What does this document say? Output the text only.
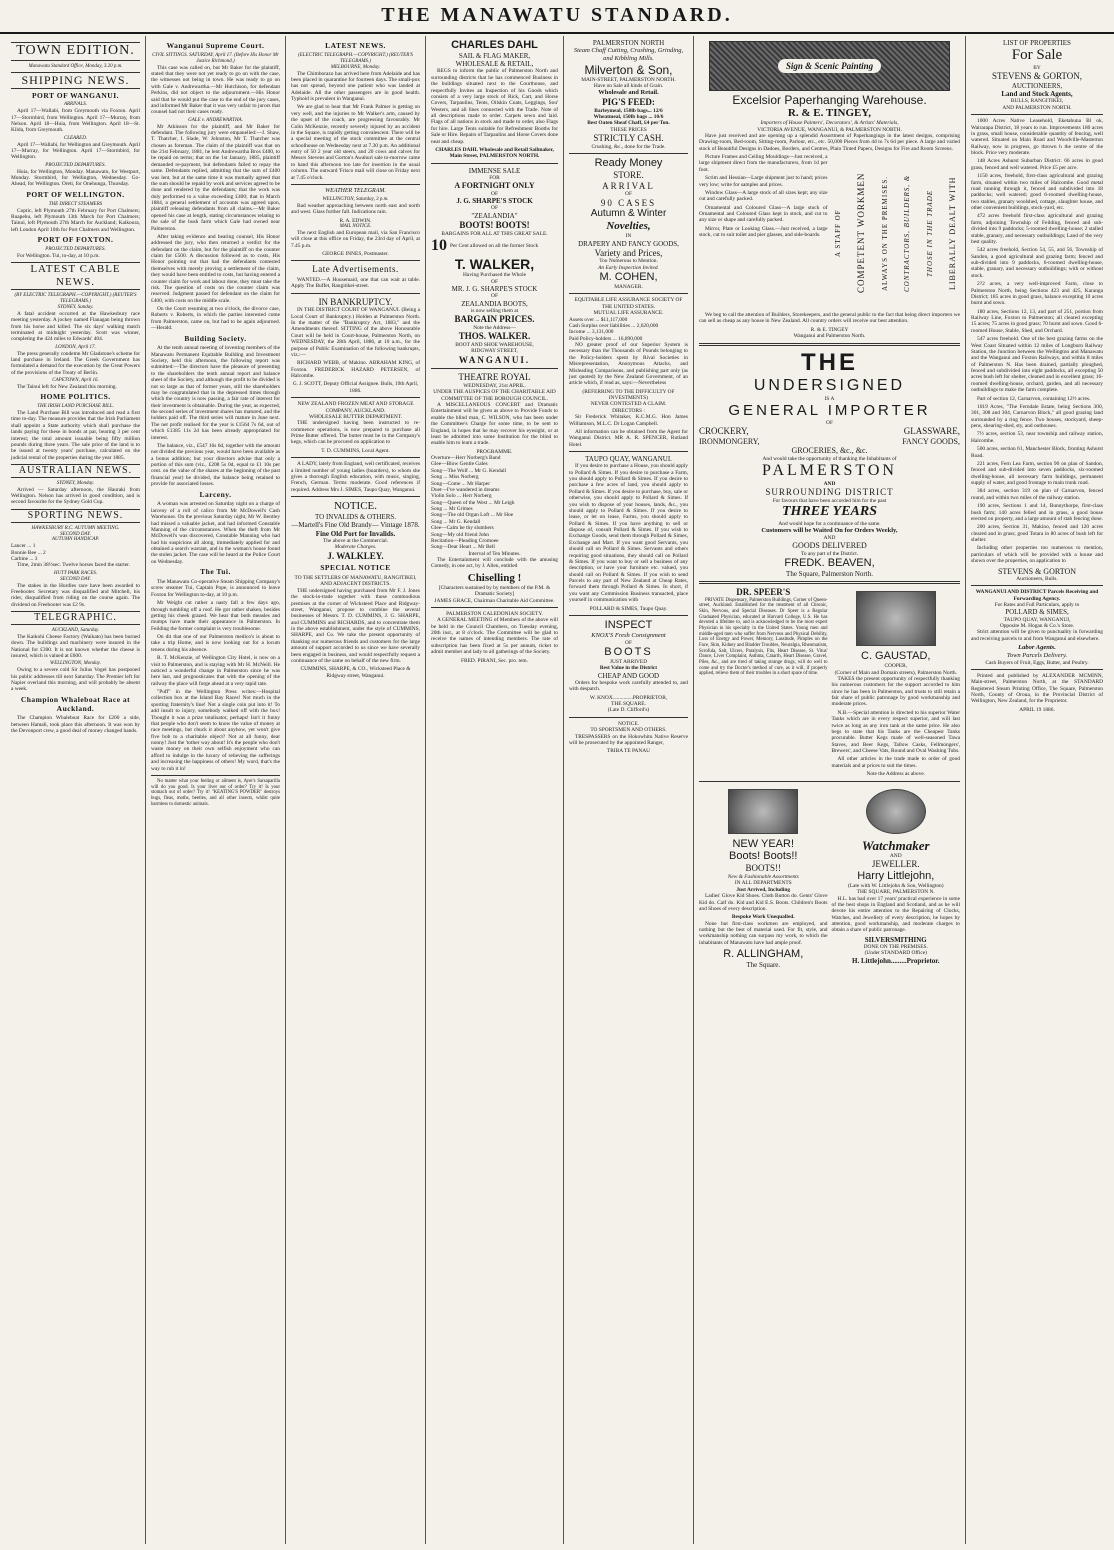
THE MANAWATU STANDARD.
TOWN EDITION.
Manawatu Standard Office, Monday, 3.20 p.m.
SHIPPING NEWS.
PORT OF WANGANUI.
ARRIVALS.

April 17—Wallabi, from Greymouth via Foxton. April 17—Stormbird, from Wellington. April 17—Murray, from Nelson. April 18—Huia, from Wellington. April 18—St. Kilda, from Greymouth.

CLEARED.

April 17—Wallabi, for Wellington and Greymouth. April 17—Murray, for Wellington. April 17—Stormbird, for Wellington.

PROJECTED DEPARTURES.

Huia, for Wellington, Monday. Manawatu, for Westport, Monday. Stormbird, for Wellington, Wednesday. Go-Ahead, for Wellington. Oreti, for Onehunga, Thursday.

PORT OF WELLINGTON.
THE DIRECT STEAMERS

Coptic, left Plymouth 27th February for Port Chalmers; Ruapehu, left Plymouth 13th March for Port Chalmers; Tainui, left Plymouth 27th March for Auckland; Kaikoura, left London April 10th for Port Chalmers and Wellington.

PORT OF FOXTON.
PROJECTED DEPARTURES.

For Wellington. Tui, to-day, at 10 p.m.

LATEST CABLE NEWS.
(BY ELECTRIC TELEGRAPH.—COPYRIGHT.) (REUTER'S TELEGRAMS.)
SYDNEY, Sunday.

A fatal accident occurred at the Hawkesbury race meeting yesterday. A jockey named Flanagan being thrown from his horse and killed. The six days' walking match terminated at midnight yesterday. Scott was winner, completing the 424 miles to Edwards' 404.

LONDON, April 17.

The press generally condemn Mr Gladstone's scheme for land purchase in Ireland. The Greek Government has formulated a demand for the execution by the Great Powers of the provisions of the Treaty of Berlin.

CAPETOWN, April 16.

The Tainui left for New Zealand this morning.

HOME POLITICS.
THE IRISH LAND PURCHASE BILL.

The Land Purchase Bill was introduced and read a first time to-day. The measure provides that the Irish Parliament shall appoint a State authority which shall purchase the lands paying for these in bonds at par, bearing 3 per cent interest; the total amount issuable being fifty million pounds during three years. The sale price of the land is to be issued at twenty years' purchase, calculated on the judicial rental of the properties during the year 1885.

AUSTRALIAN NEWS.
SYDNEY, Monday.

Arrived — Saturday afternoon, the Hauraki from Wellington. Nelson has arrived in good condition, and is second favourite for the Sydney Gold Cup.

SPORTING NEWS.
HAWKESBURY R.C. AUTUMN MEETING.
SECOND DAY.
AUTUMN HANDICAP.
Lancer ... 1
Bonnie Bee ... 2
Carbine ... 3

Time, 2min 38½sec. Twelve horses faced the starter.

HUTT PARK RACES.
SECOND DAY.

The stakes in the Hurdles race have been awarded to Freebooter. Secretary was disqualified and Mitchell, his rider, disqualified from riding on the course again. The dividend on Freebooter was £2 9s.

TELEGRAPHIC.
AUCKLAND, Saturday.

The Kaikohi Cheese Factory (Waikato) has been burned down. The buildings and machinery were insured in the National for £300. It is not known whether the cheese is insured, which is valued at £600.

WELLINGTON, Monday.

Owing to a severe cold Sir Julius Vogel has postponed his public addresses till next Saturday. The Premier left for Napier overland this morning, and will probably be absent a week.

Champion Whaleboat Race at Auckland.

The Champion Whaleboat Race for £200 a side, between Hamali, took place this afternoon. It was won by the Devonport crew, a good deal of money changed hands.

Wanganui Supreme Court.
CIVIL SITTINGS. SATURDAY, April 17. (Before His Honor Mr Justice Richmond.)

This case was called on, but Mr Baker for the plaintiff, stated that they were not yet ready to go on with the case, the witnesses not being in town. He was ready to go on with Gale v. Andrewartha.—Mr Hutchison, for defendant Perkins, did not object to the adjournment.—His Honor said that he would put the case to the end of the jury cases, and informed Mr Baker that it was very unfair to jurors that counsel had not their cases ready.

GALE v. ANDREWARTHA.

Mr Atkinson for the plaintiff, and Mr Baker for defendant. The following jury were empanelled:—J. Shaw, T. Thatcher, I. Slade, W. Johnston, Mr T. Thatcher was chosen as foreman. The claim of the plaintiff was that on the 21st February, 1881, he lent Andrewartha Bros £400, to be repaid on terms; that on the 1st January, 1885, plaintiff demanded re-payment, but defendants failed to repay the same. Defendants replied, admitting that the sum of £400 was lent, but at the same time it was mutually agreed that the sum should be repaid by work and services agreed to be done and rendered by the defendants; that the work was duly performed to a value exceeding £400; that in March 1884, a general settlement of accounts was agreed upon, plaintiff releasing defendants from all claims.—Mr Baker opened his case at length, stating circumstances relating to the sale of the bush farm which Gale had owned near Palmerston.

After taking evidence and hearing counsel, His Honor addressed the jury, who then returned a verdict for the defendant on the claim, but for the plaintiff on the counter claim for £500. A discussion followed as to costs, His Honor pointing out that had the defendants contested themselves with merely proving a settlement of the claim, they would have been entitled to costs, but having entered a counter claim for work and labour done, they must take the risk. The question of costs on the counter claim was reserved. Judgment passed for defendant on the claim for £400, with costs on the middle scale.

On the Court resuming at two o'clock, the divorce case, Roberts v. Roberts, in which the parties interested come from Palmerston, came on, but had to be again adjourned.—Herald.

Building Society.

At the tenth annual meeting of investing members of the Manawatu Permanent Equitable Building and Investment Society, held this afternoon, the following report was submitted:—The directors have the pleasure of presenting to the shareholders the tenth annual report and balance sheet of the Society, and although the profit to be divided is not so large as that of former years, still the shareholders may be congratulated that in the depressed times through which the country is now passing, a fair rate of interest for their investment is obtainable. During the year, as expected, the second series of investment shares has matured, and the holders paid off. The third series will mature in June next. The net profit realised for the year is £1564 7s 6d, out of which £1385 11s 2d has been already appropriated for interest.

The balance, viz., £547 16s 6d, together with the amount not divided the previous year, would have been available as a bonus addition; but your directors advise that only a portion of this sum (viz., £208 5s 0d, equal to £1 10s per cent. on the value of the shares at the beginning of the past financial year) be divided, the balance being retained to provide for associated losses.

Larceny.

A woman was arrested on Saturday night on a charge of larceny of a roll of calico from Mr McDowell's Cash Warehouse. On the previous Saturday night, Mr W. Bentley had missed a valuable jacket, and had informed Constable Manning of the circumstances. When the theft from Mr McDowell's was discovered, Constable Manning who had had his suspicions all along, immediately applied for and obtained a search warrant, and in the woman's house found the stolen jacket. The case will be heard at the Police Court on Wednesday.

The Tui.

The Manawatu Co-operative Steam Shipping Company's screw steamer Tui, Captain Pope, is announced to leave Foxton for Wellington to-day, at 10 p.m.

Mr Weight cut rather a nasty fall a few days ago, through tumbling off a roof. He got rather shaken, besides getting his cheek grazed. We hear that both measles and mumps have made their appearance in Palmerston. In Feilding the former complaint is very troublesome.

On dit that one of our Palmerston medico's is about to take a trip Home, and is now looking out for a locum tenens during his absence.

R. T. McKenzie, of Wellington City Hotel, is now on a visit to Palmerston, and is staying with Mr H. McNeill. He noticed a wonderful change in Palmerston since he was here last, and prognosticates that with the opening of the railway the place will forge ahead at a very rapid rate.

"Puff" in the Wellington Press writes:—Hospital collection box at the Island Bay Races! Not much in the sporting fraternity's line! Not a single coin put into it! To add insult to injury, somebody walked off with the box! Thought it was a prize totalisator, perhaps! Isn't it funny that people who don't seem to know the value of money at race meetings, but chuck it about anyhow, yet won't give five bob to a charitable object? Not at all funny, dear nonny! Just the 'tother way about! It's the people who don't waste money on their own selfish enjoyment who can afford to indulge in the luxury of relieving the sufferings and increasing the happiness of others! My word, that's the way to rub it in!

No matter what your feeling or ailment is, Ayer's Sarsaparilla will do you good. Is your liver out of order? Try it! Is your stomach out of order? Try it! "KEATING'S POWDER" destroys bugs, fleas, moths, beetles, and all other insects, whilst quite harmless to domestic animals.

LATEST NEWS.
(ELECTRIC TELEGRAPH.—COPYRIGHT.) (REUTER'S TELEGRAMS.)
MELBOURNE, Monday.

The Chimborazo has arrived here from Adelaide and has been placed in quarantine for fourteen days. The small-pox has not spread, beyond one patient who was landed at Adelaide. All the other passengers are in good health. Typhoid is prevalent in Wanganui.

We are glad to hear that Mr Frank Palmer is getting on very well, and the injuries to Mr Walker's arm, caused by the upset of the coach, are progressing favourably. Mr Colin McKenzie, recently severely injured by an accident in the Square, is rapidly getting convalescent. There will be a special meeting of the stock committee at the central schoolhouse on Wednesday next at 7.30 p.m. An additional entry of 50 2 year old steers, and 20 cows and calves for Messrs Stevens and Gorton's Awahuri sale to-morrow came to hand this afternoon too late for insertion in the usual column. The outward 'Frisco mail will close on Friday next at 7.45 o'clock.

WEATHER TELEGRAM.
WELLINGTON, Saturday, 3 p.m.

Bad weather approaching between north east and north and west. Glass further fall. Indications rain.

R. A. EDWIN.
MAIL NOTICE.

The next English and European mail, via San Francisco will close at this office on Friday, the 23rd day of April, at 7.45 p.m.

GEORGE INNES, Postmaster.
Late Advertisements.

WANTED.—A Housemaid, one that can wait at table. Apply The Buffet, Rangitikei-street.

IN BANKRUPTCY.

IN THE DISTRICT COURT OF WANGANUI. (Being a Local Court of Bankruptcy.) Holden at Palmerston North. In the matter of the "Bankruptcy Act, 1883," and the Amendments thereof. SITTING of the above Honourable Court will be held in Court-house, Palmerston North, on WEDNESDAY, the 28th April, 1886, at 10 a.m., for the purpose of Public Examination of the following bankrupts, viz.:—

RICHARD WEBB, of Makino. ABRAHAM KING, of Foxton. FREDERICK HAZARD PETERSEN, of Halcombe.

G. J. SCOTT, Deputy Official Assignee. Bulls, 19th April, 1886.
NEW ZEALAND FROZEN MEAT AND STORAGE COMPANY, AUCKLAND.
WHOLESALE BUTTER DEPARTMENT.

THE undersigned having been instructed to re-commence operations, is now prepared to purchase all Prime Butter offered. The butter must be in the Company's kegs, which can be procured on application to

T. D. CUMMINS, Local Agent.

A LADY, lately from England, well certificated, receives a limited number of young ladies (boarders), to whom she gives a thorough English education, with music, singing, French, German. Terms moderate. Good references if required. Address Mrs J. SIMES, Taupo Quay, Wanganui.

NOTICE.
TO INVALIDS & OTHERS.
—Martell's Fine Old Brandy— Vintage 1878.
Fine Old Port for Invalids.
The above at the Commercial.
Moderate Charges.
J. WALKLEY.
SPECIAL NOTICE
TO THE SETTLERS OF MANAWATU, RANGITIKEI, AND ADJACENT DISTRICTS.

THE undersigned having purchased from Mr F. J. Jones the stock-in-trade together with those commodious premises at the corner of Wicksteed Place and Ridgway-street, Wanganui, propose to combine the several businesses of Messrs. T. D. CUMMINS, J. G. SHARPE, and CUMMINS and RICHARDS, and to concentrate them in the above establishment, under the style of CUMMINS, SHARPE, and Co. We take the present opportunity of thanking our numerous friends and customers for the large amount of support accorded to us since we have severally been engaged in business, and would respectfully request a continuance of the same on behalf of the new firm.

CUMMINS, SHARPE, & CO., Wicksteed Place & Ridgway street, Wanganui.
CHARLES DAHL
SAIL & FLAG MAKER,
WHOLESALE & RETAIL,

BEGS to inform the public of Palmerston North and surrounding districts that he has commenced Business in the buildings situated next to the Courthouse, and respectfully Invites an Inspection of his Goods which consists of a very large stock of Rick, Cart, and Horse Covers, Tarpaulins, Tents, Oilskin Coats, Leggings, Sou' Westers, and all lines connected with the Trade. Note of all descriptions made to order. Carpets sewn and laid. Flags of all nations in stock and made to order, also Flags for hire. Large Tents suitable for Refreshment Booths for Sale or Hire. Repairs of Tarpaulins and Horse Covers done neat and cheap.

CHARLES DAHL Wholesale and Retail Sailmaker, Main Street, PALMERSTON NORTH.
IMMENSE SALE
FOR
A FORTNIGHT ONLY
OF
J. G. SHARPE'S STOCK
OF
"ZEALANDIA"
BOOTS! BOOTS!
BARGAINS FOR ALL AT THIS GREAT SALE.
10 Per Cent allowed on all the former Stock
T. WALKER,
Having Purchased the Whole
OF
MR. J. G. SHARPE'S STOCK
OF
ZEALANDIA BOOTS,
is now selling them at
BARGAIN PRICES.
Note the Address—
THOS. WALKER.
BOOT AND SHOE WAREHOUSE,
RIDGWAY STREET,
WANGANUI.
THEATRE ROYAL
WEDNESDAY, 21st APRIL.
UNDER THE AUSPICES OF THE CHARITABLE AID COMMITTEE OF THE BOROUGH COUNCIL.

A MISCELLANEOUS CONCERT and Dramatic Entertainment will be given as above to Provide Funds to enable the blind man, C. WILSON, who has been under the Committee's Charge for some time, to be sent to England, in hopes that he may recover his eyesight, or at least be admitted into some Institution for the blind to enable him to learn a trade.

PROGRAMME.
Overture—Herr Norberg's Band
Glee—Blow Gentle Gales
Song—The Wolf ... Mr G. Kendall
Song ... Miss Norberg
Song—Come ... Mr Harper
Duet—I've wandered in dreams
Violin Solo ... Herr Norberg
Song—Queen of the West ... Mr Leigh
Song ... Mr Grimes
Song—The old Organ Loft ... Mr Hoe
Song ... Mr G. Kendall
Glee—Calm be thy slumbers
Song—My old friend John
Recitation—Pleading Cromoee
Song—Dear Heart ... Mr Bell
Interval of Ten Minutes.

The Entertainment will conclude with the amusing Comedy, in one act, by J. Allen, entitled

Chiselling !
[Characters sustained by by members of the P.M. & Dramatic Society]
JAMES GRACE, Chairman Charitable Aid Committee.
PALMERSTON CALEDONIAN SOCIETY.

A GENERAL MEETING of Members of the above will be held in the Council Chambers, on Tuesday evening, 20th inst., at 8 o'clock. The Committee will be glad to receive the names of intending members. The rate of subscription has been fixed at 5s per annum, ticket to admit member and lady to all gatherings of the Society.

FRED. PIRANI, Sec. pro. tem.
PALMERSTON NORTH
Steam Chaff Cutting, Crushing, Grinding, and Kibbling Mills.
Milverton & Son,
MAIN-STREET, PALMERSTON NORTH.
Have on Sale all kinds of Grain.
Wholesale and Retail.
PIG'S FEED:
Barleymeal, 150lb bags... 12/6
Wheatmeal, 150lb bags ... 10/6
Best Oaten Sheaf Chaff, £4 per Ton.
THESE PRICES
STRICTLY CASH.
Crushing, &c., done for the Trade.
Ready Money
STORE.
ARRIVAL
OF
90 CASES
Autumn & Winter
Novelties,
IN
DRAPERY AND FANCY GOODS,
Variety and Prices,
Too Numerous to Mention.
An Early Inspection Invited.
M. COHEN,
MANAGER.
EQUITABLE LIFE ASSURANCE SOCIETY OF THE UNITED STATES.
MUTUAL LIFE ASSURANCE.
Assets over ... $11,117,000
Cash Surplus over liabilities ... 2,620,000
Income ... 3,131,000
Paid Policy-holders ... 16,890,000

NO greater proof of our Superior System is necessary than the Thousands of Pounds belonging to the Policy-holders spent by Rival Societies in Misrepresentation, Anonymous Attacks, and Misleading Comparisons, and publishing part only (as just quoted) by the New Zealand Government, of an article which, if read as, says:—Nevertheless

(REFERRING TO THE DIFFICULTY OF INVESTMENTS)
NEVER CONTESTED A CLAIM.
DIRECTORS :

Sir Frederick Whitaker, K.C.M.G. Hon James Williamson, M.L.C. Dr Logan Campbell.

All information can be obtained from the Agent for Wanganui District. MR A. R. SPENCER, Rutland Hotel.

TAUPO QUAY, WANGANUI.

If you desire to purchase a House, you should apply to Pollard & Simes. If you desire to purchase a Farm, you should apply to Pollard & Simes. If you desire to purchase a few acres of land, you should apply to Pollard & Simes. If you desire to purchase, buy, sale or otherwise, you should apply to Pollard & Simes. If you wish to dispose of your houses, lands, &c., you should apply to Pollard & Simes. If you desire to lease, or let on lease, Farms, you should apply to Pollard & Simes. If you have anything to sell or dispose of, consult Pollard & Simes. If you wish to Exchange Goods, send them through Pollard & Simes, Exchange and Mart. If you want good Servants, you should call on Pollard & Simes. Servants and others requiring good situations, they should call on Pollard & Simes. If you want to buy or sell a business of any description, or have your furniture etc. valued, you should call on Pollard & Simes. If you wish to send Parcels to any part of New Zealand at Cheap Rates, forward them through Pollard & Simes. In short, if you want any Commission Business transacted, place yourself in communication with

POLLARD & SIMES, Taupo Quay.
INSPECT
KNOX'S Fresh Consignment
OF
BOOTS
JUST ARRIVED
Best Value in the District
CHEAP AND GOOD

Orders for bespoke work carefully attended to, and with despatch.

W. KNOX...............PROPRIETOR,
THE SQUARE.
(Late D. Clifford's)
NOTICE.
TO SPORTSMEN AND OTHERS.

TRESPASSERS on the Hokowhitu Native Reserve will be prosecuted by the appointed Ranger,

TRIBA TE PANAU
Sign & Scenic Painting
Excelsior Paperhanging Warehouse.
R. & E. TINGEY,
Importers of House Painters', Decorators', & Artists' Materials,
VICTORIA AVENUE, WANGANUI, & PALMERSTON NORTH.

Have just received and are opening up a splendid Assortment of Paperhangings in the latest designs, comprising Drawing-room, Bed-room, Sitting-room, Parlour, etc., etc. 50,000 Pieces from 4d to 7s 6d per piece. A large and varied stock of Beautiful Designs in Dadoes, Borders, and Centres, Plain Tinted Papers, Designs for Fire and Room Screens.

Picture Frames and Ceiling Mouldings—Just received, a large shipment direct from the manufacturers, from 1d per foot.

Scrim and Hessian—Large shipment just to hand; prices very low; write for samples and prices.

Window Glass—A large stock of all sizes kept; any size cut and carefully packed.

Ornamental and Coloured Glass—A large stock of Ornamental and Coloured Glass kept in stock, and cut to any size or shape and carefully packed.

Mirror, Plate or Looking Glass.—Just received, a large stock, cut to suit toilet and pier glasses, and side-boards.	A STAFF OF COMPETENT WORKMEN ALWAYS ON THE PREMISES. CONTRACTORS, BUILDERS, & THOSE IN THE TRADE LIBERALLY DEALT WITH

We beg to call the attention of Builders, Storekeepers, and the general public to the fact that being direct importers we can sell as cheap as any house in New Zealand. All country orders will receive our best attention.

R. & E. TINGEY
Wanganui and Palmerston North.
THE
UNDERSIGNED
IS A
GENERAL IMPORTER
OF
CROCKERY,	GLASSWARE,
IRONMONGERY,	FANCY GOODS,
GROCERIES, &c., &c.
And would take the opportunity of thanking the Inhabitants of
PALMERSTON
AND
SURROUNDING DISTRICT
For favours that have been accorded him for the past
THREE YEARS
And would hope for a continuance of the same.
Customers will be Waited On for Orders Weekly,
AND
GOODS DELIVERED
To any part of the District.
FREDK. BEAVEN,
The Square, Palmerston North.
DR. SPEER'S

PRIVATE Dispensary, Palmerston Buildings, Corner of Queen-street, Auckland. Established for the treatment of all Chronic, Skin, Nervous, and Special Diseases. Dr Speer is a Regular Graduated Physician, educated at Harvard College, U.S. He has devoted a lifetime to, and is acknowledged to be the most expert Physician in his specialty in the United States. Young men and middle-aged men who suffer from Nervous and Physical Debility, Loss of Energy and Power, Memory, Lassitude, Pimples on the Face, Skin, Kidney and Bladder Troubles, Neuralgia, Rheumatism, Scrofula, Salt, Ulcers, Paralysis, Fits, Heart Disease, St. Vitus' Dance, Liver Complaint, Asthma, Catarrh, Heart Disease, Gravel, Piles, &c., and are tired of taking strange drugs, will do well to come and try the Doctor's method of cure, as it will, if properly applied, relieve them of their troubles in a short space of time.

C. GAUSTAD,
COOPER,
(Corner of Main and Domain streets), Palmerston North.

TAKES the present opportunity of respectfully thanking his numerous customers for the support accorded to him since he has been in Palmerston, and trusts to still retain a fair share of public patronage by good workmanship and moderate prices.

N.B.—Special attention is directed to his superior Water Tanks which are in every respect superior, and will last twice as long as any iron tank at the same price. He also begs to state that his Tanks are the Cheapest Tanks procurable. Butter Kegs made of well-seasoned Tawa Staves, and Beer Kegs, Tallow Casks, Fellmongers', Brewers', and Cheese Vats, Round and Oval Washing Tubs.

All other articles in the trade made to order of good materials and at prices to suit the times.

Note the Address as above.
NEW YEAR!
Boots! Boots!!
BOOTS!!
New & Fashionable Assortments
IN ALL DEPARTMENTS
Just Arrived, Including

Ladies' Glove Kid Shoes. Cloth Button do. Gents' Glove Kid do. Calf do. Kid and Kid E.S. Boots. Children's Boots and Shoes of every description.

Bespoke Work Unequalled.

None but first-class workmen are employed, and nothing but the best of material used. For fit, style, and workmanship nothing can surpass my work, to which the inhabitants of Manawatu have had ample proof.

R. ALLINGHAM,
The Square.
Watchmaker
AND
JEWELLER.
Harry Littlejohn,
(Late with W. Littlejohn & Son, Wellington)
THE SQUARE, PALMERSTON N.

H.L. has had over 17 years' practical experience in some of the best shops in England and Scotland, and as he will devote his entire attention to the Repairing of Clocks, Watches, and Jewellery of every description, he hopes by attention, good workmanship, and moderate charges to obtain a share of public patronage.

SILVERSMITHING
DONE ON THE PREMISES.
(Under STANDARD Office)
H. Littlejohn.........Proprietor.
LIST OF PROPERTIES
For Sale
BY
STEVENS & GORTON,
AUCTIONEERS,
Land and Stock Agents,
BULLS, RANGITIKEI,
AND PALMERSTON NORTH.

1000 Acres Native Leasehold, Eketahuna Bl ok, Wairarapa District, 18 years to run. Improvements 180 acres in grass, small house, considerable quantity of fencing, well watered. Situated on Main Road and Woodville-Masterton Railway, now in progress, go thrown h the centre of the block. Price very moderate.

148 Acres Ashurst Suburban District. 66 acres in good grass, fenced and well watered. Price £5 per acre.

1150 acres, freehold, first-class agricultural and grazing farm, situated within two miles of Halcombe. Good metal road running through it, fenced and subdivided into 18 paddocks; well watered; good 6-roomed dwelling-house, two stables, granary woolshed, cottage, slaughter house, and other convenient buildings, stock-yard, etc.

472 acres freehold first-class agricultural and grazing farm, adjoining Township of Feilding, fenced and sub-divided into 9 paddocks; 5-roomed dwelling-house; 2 stalled stable, granary, and necessary outbuildings; Land of the very best quality.

542 acres freehold, Section 54, 55, and 56, Township of Sandon, a good agricultural and grazing farm; fenced and sub-divided into 9 paddocks, 6-roomed dwelling-house, stable, granary, and necessary outbuildings; with or without stock.

2?2 acres, a very well-improved Farm, close to Palmerston North, being Sections 423 and 425, Karanga District; 185 acres in good grass, balance excepting 10 acres burnt and sown.

180 acres, Sections 12, 13, and part of 251, portion from Railway Line, Foxton to Palmerston; all cleared excepting 15 acres; 75 acres in good grass; 70 burnt and sown. Good 6-roomed House, Stable, Shed, and Orchard.

547 acres freehold. One of the best grazing farms on the West Coast Situated within 12 miles of Longburn Railway Station, the Junction between the Wellington and Manawatu and the Wanganui and Foxton Railways, and within 8 miles of Palmerston N. Has been drained, partially ploughed, fenced and subdivided into eight paddocks, all excepting 50 acres bush left for shelter, cleaned and in excellent grass; 16-roomed dwelling-house, orchard, garden, and all necessary outbuildings to make the farm complete.

Part of section 12, Carnarvon, containing 12½ acres.

1019 Acres, "The Ferndale Estate, being Sections 300, 301, 308 and 304, Carnarvon Block," all good grazing land surrounded by a ring fence. Two houses, stockyard, sheep-pens, shearing-shed, sty, and outhouses.

7½ acres, section 53, near township and railway station, Halcombe.

500 acres, section 61, Manchester Block, fronting Ashurst Road.

221 acres, Fern Lea Farm, section 90 on plan of Sandon, fenced and sub-divided into seven paddocks, six-roomed dwelling-house, all necessary farm buildings, permanent supply of water, and good frontage to main trunk road.

384 acres, section 319 on plan of Carnarvon, fenced round, and within two miles of the railway station.

190 acres, Sections 1 and 14, Bunnythorpe, first-class bush farm; 140 acres felled and in grass, a good house erected on property, and a large amount of stab fencing done.

200 acres, Section 31, Makino, fenced and 120 acres cleared and in grass; good Totara in 80 acres of bush left for shelter.

Including other properties too numerous to mention, particulars of which will be provided with a house and shown over the properties, on application to

STEVENS & GORTON
Auctioneers, Bulls.
WANGANUI AND DISTRICT Parcels Receiving and Forwarding Agency.
For Rates and Full Particulars, apply to
POLLARD & SIMES,
TAUPO QUAY, WANGANUI,
Opposite M. Hogan & Co.'s Store.

Strict attention will be given to punctuality in forwarding and receiving parcels to and from Wanganui and elsewhere.

Labor Agents.
Town Parcels Delivery.
Cash Buyers of Fruit, Eggs, Butter, and Poultry.

Printed and published by ALEXANDER MCMINN, Main-street, Palmerston North, at the STANDARD Registered Steam Printing Office, The Square, Palmerston North, County of Oroua, in the Provincial District of Wellington, New Zealand, for the Proprietor.

APRIL 19 1886.
